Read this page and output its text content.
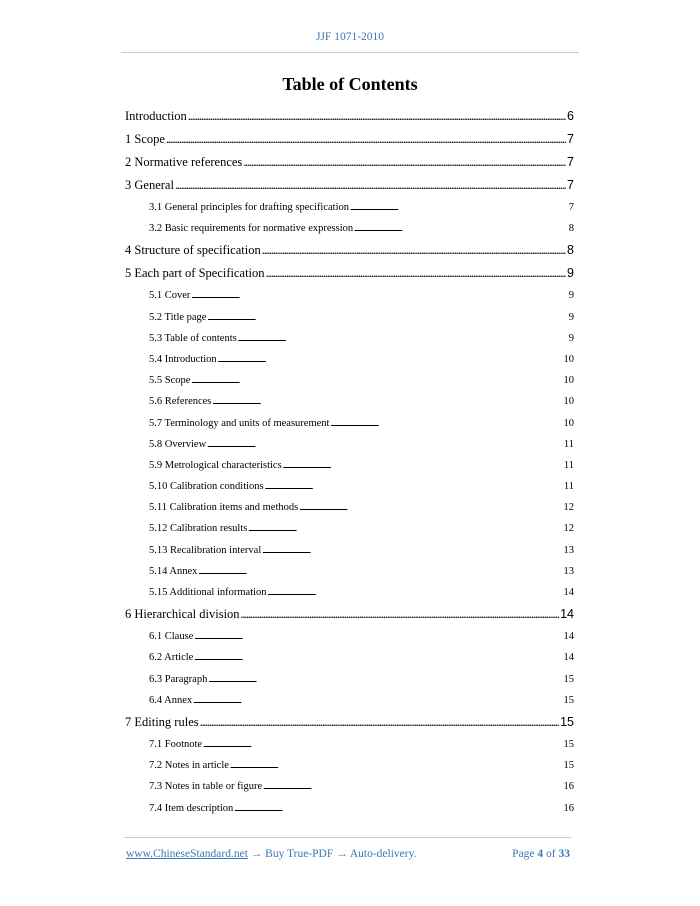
JJF 1071-2010
Table of Contents
Introduction . . .	6
1 Scope . . .	7
2 Normative references . . .	7
3 General . . .	7
3.1 General principles for drafting specification . . .	7
3.2 Basic requirements for normative expression . . .	8
4 Structure of specification . . .	8
5 Each part of Specification . . .	9
5.1 Cover . . .	9
5.2 Title page . . .	9
5.3 Table of contents . . .	9
5.4 Introduction . . .	10
5.5 Scope . . .	10
5.6 References . . .	10
5.7 Terminology and units of measurement . . .	10
5.8 Overview . . .	11
5.9 Metrological characteristics . . .	11
5.10 Calibration conditions . . .	11
5.11 Calibration items and methods . . .	12
5.12 Calibration results . . .	12
5.13 Recalibration interval . . .	13
5.14 Annex . . .	13
5.15 Additional information . . .	14
6 Hierarchical division . . .	14
6.1 Clause . . .	14
6.2 Article . . .	14
6.3 Paragraph . . .	15
6.4 Annex . . .	15
7 Editing rules . . .	15
7.1 Footnote . . .	15
7.2 Notes in article . . .	15
7.3 Notes in table or figure . . .	16
7.4 Item description . . .	16
www.ChineseStandard.net → Buy True-PDF → Auto-delivery.	Page 4 of 33
